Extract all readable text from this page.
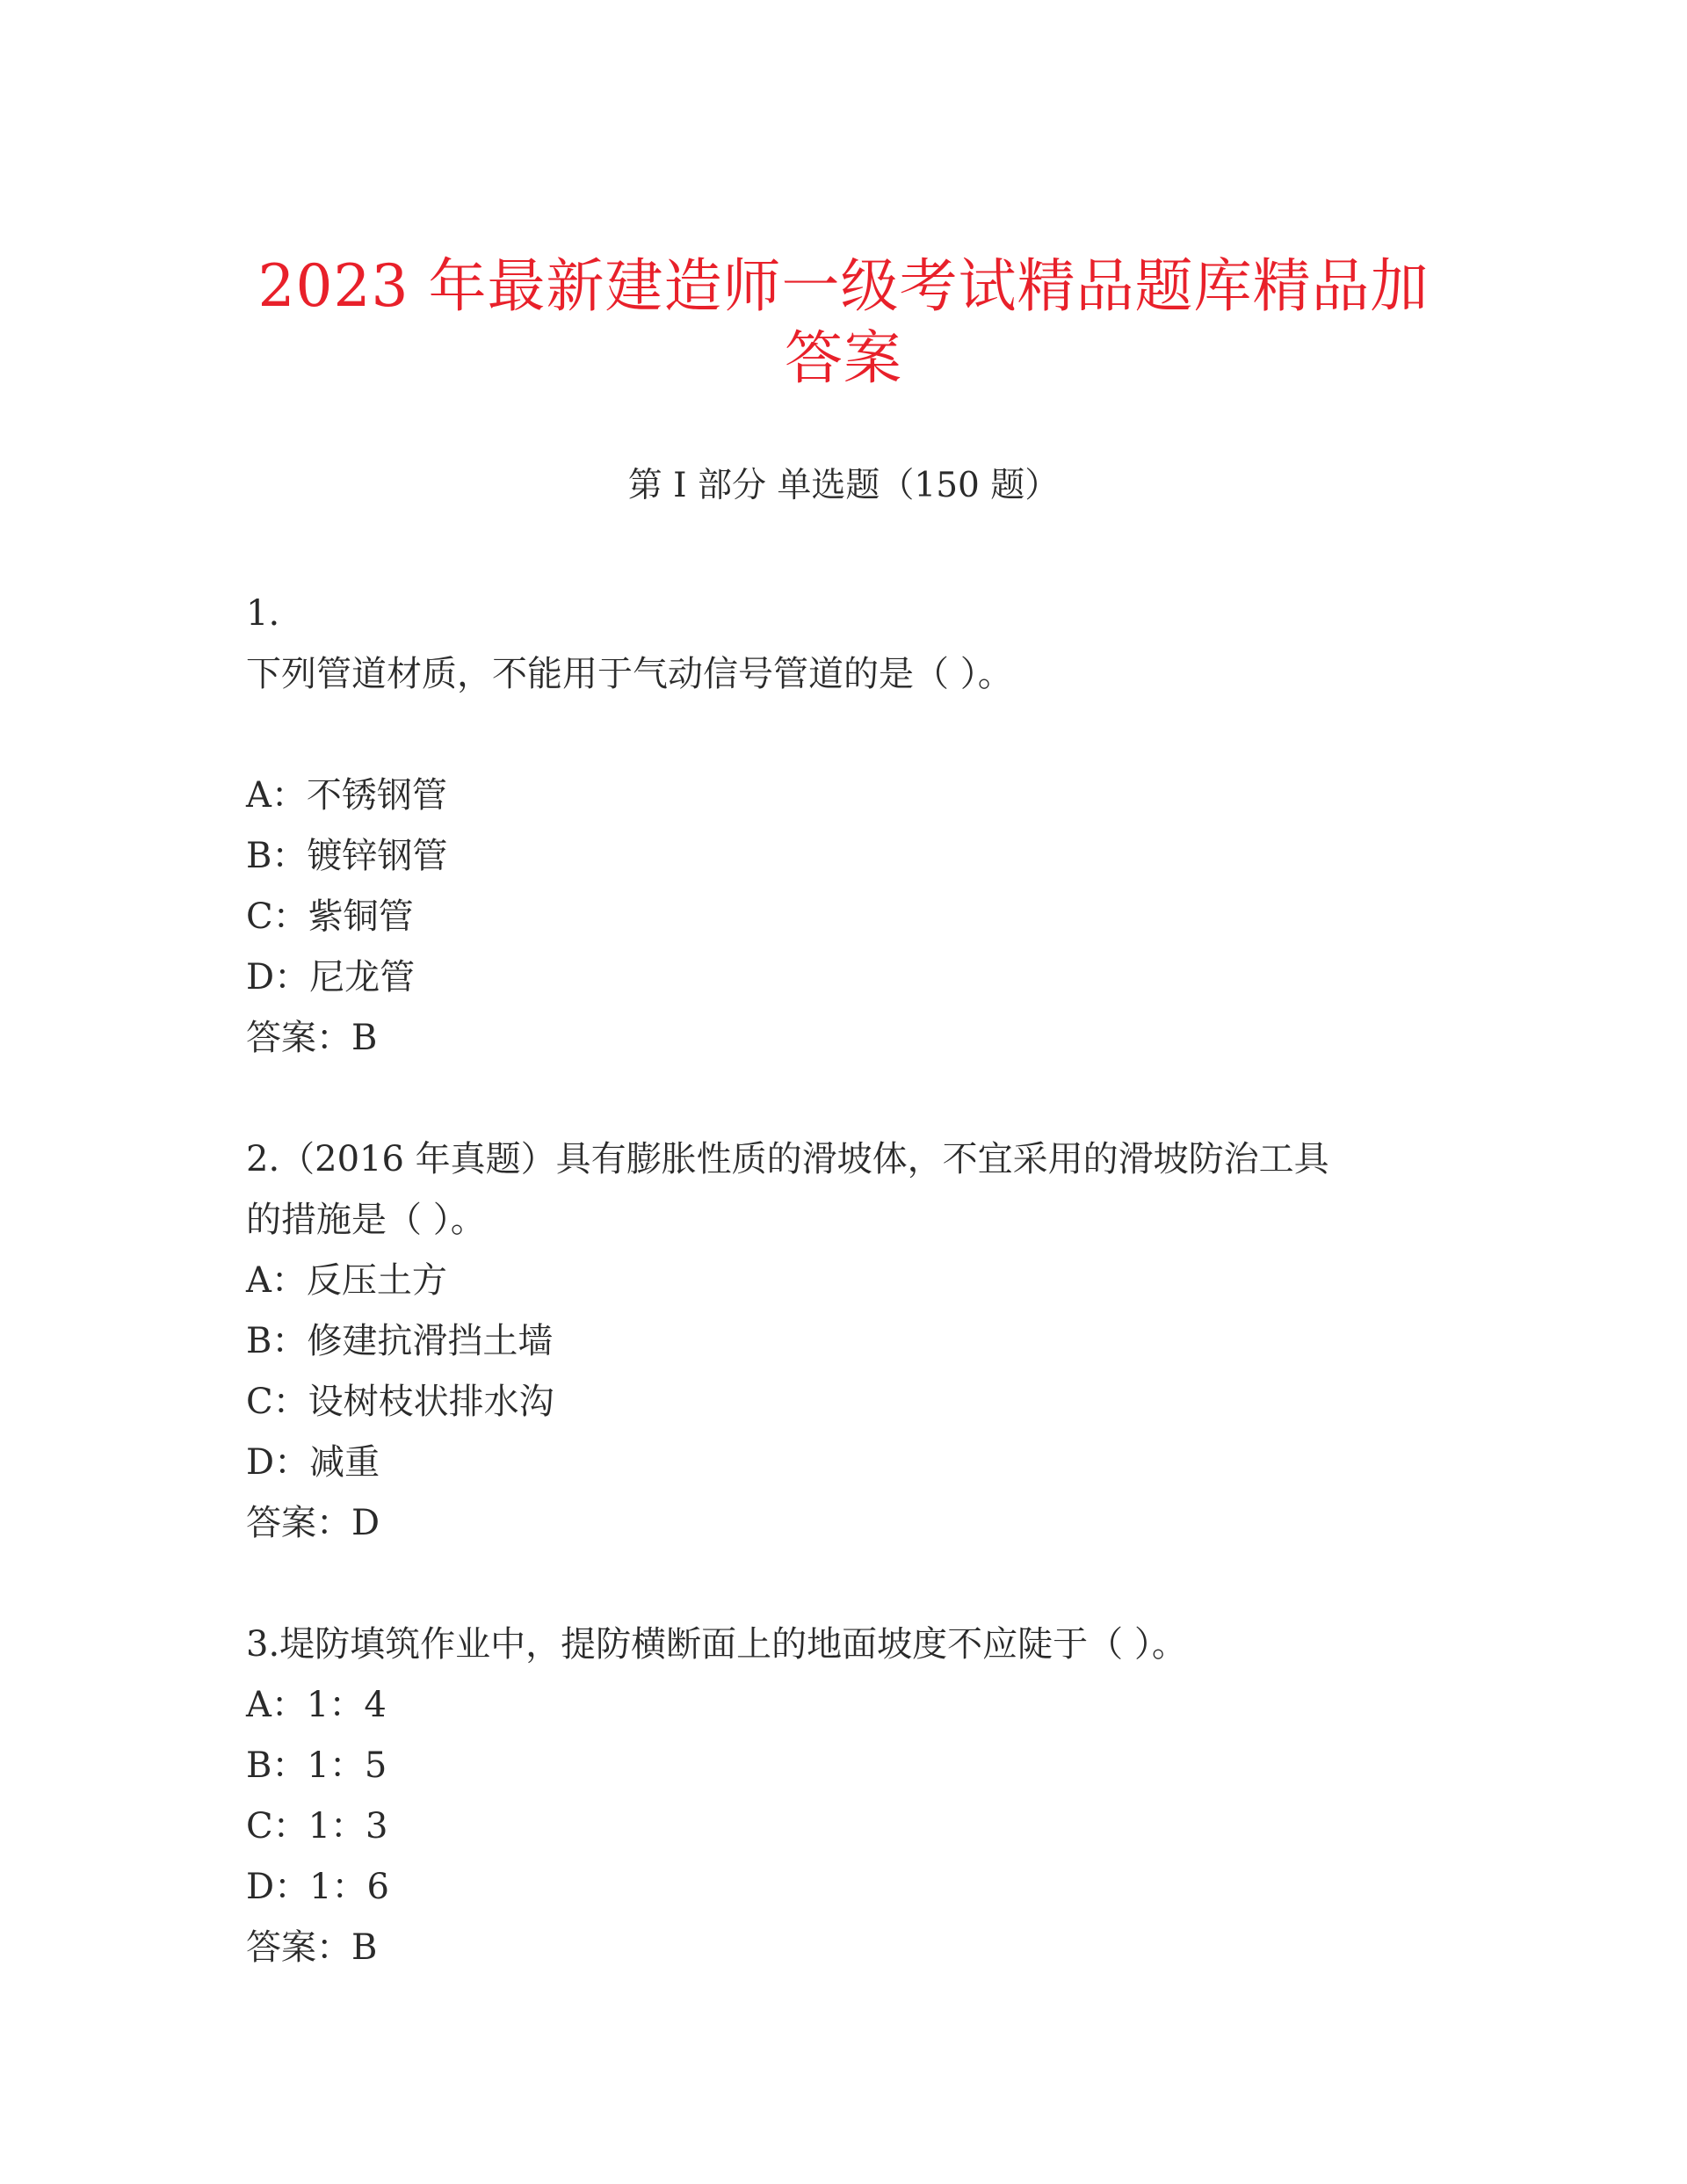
2023 年最新建造师一级考试精品题库精品加
答案
第 I 部分 单选题（150 题）
1.
下列管道材质，不能用于气动信号管道的是（ ）。
A：不锈钢管
B：镀锌钢管
C：紫铜管
D：尼龙管
答案：B
2.（2016 年真题）具有膨胀性质的滑坡体，不宜采用的滑坡防治工具
的措施是（ ）。
A：反压土方
B：修建抗滑挡土墙
C：设树枝状排水沟
D：减重
答案：D
3.堤防填筑作业中，提防横断面上的地面坡度不应陡于（ ）。
A：1：4
B：1：5
C：1：3
D：1：6
答案：B
